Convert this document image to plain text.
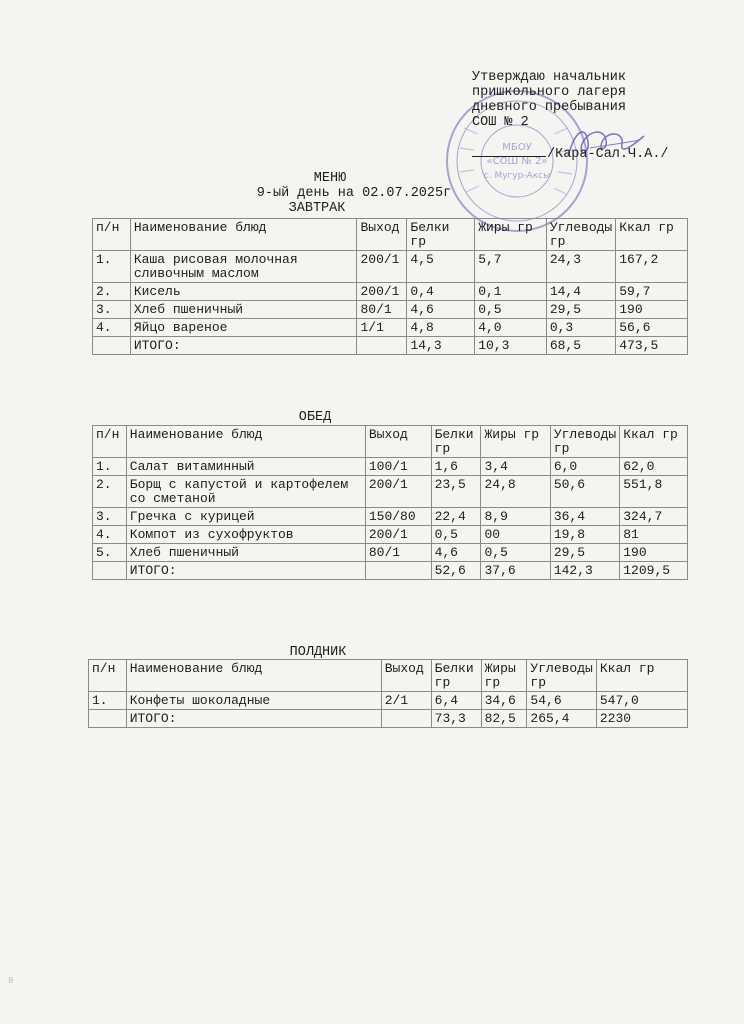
МБОУ
«СОШ № 2»
с. Мугур-Аксы
Утверждаю начальник
пришкольного лагеря
дневного пребывания
СОШ № 2
/Кара-Сал.Ч.А./
МЕНЮ
9-ый день на 02.07.2025г
ЗАВТРАК
п/н	Наименование блюд	Выход	Белки гр	Жиры гр	Углеводы гр	Ккал гр
1.	Каша рисовая молочная сливочным маслом	200/1	4,5	5,7	24,3	167,2
2.	Кисель	200/1	0,4	0,1	14,4	59,7
3.	Хлеб пшеничный	80/1	4,6	0,5	29,5	190
4.	Яйцо вареное	1/1	4,8	4,0	0,3	56,6
	ИТОГО:		14,3	10,3	68,5	473,5
ОБЕД
п/н	Наименование блюд	Выход	Белки гр	Жиры гр	Углеводы гр	Ккал гр
1.	Салат витаминный	100/1	1,6	3,4	6,0	62,0
2.	Борщ с капустой и картофелем со сметаной	200/1	23,5	24,8	50,6	551,8
3.	Гречка с курицей	150/80	22,4	8,9	36,4	324,7
4.	Компот из сухофруктов	200/1	0,5	00	19,8	81
5.	Хлеб пшеничный	80/1	4,6	0,5	29,5	190
	ИТОГО:		52,6	37,6	142,3	1209,5
ПОЛДНИК
п/н	Наименование блюд	Выход	Белки гр	Жиры гр	Углеводы гр	Ккал гр
1.	Конфеты шоколадные	2/1	6,4	34,6	54,6	547,0
	ИТОГО:		73,3	82,5	265,4	2230
8
